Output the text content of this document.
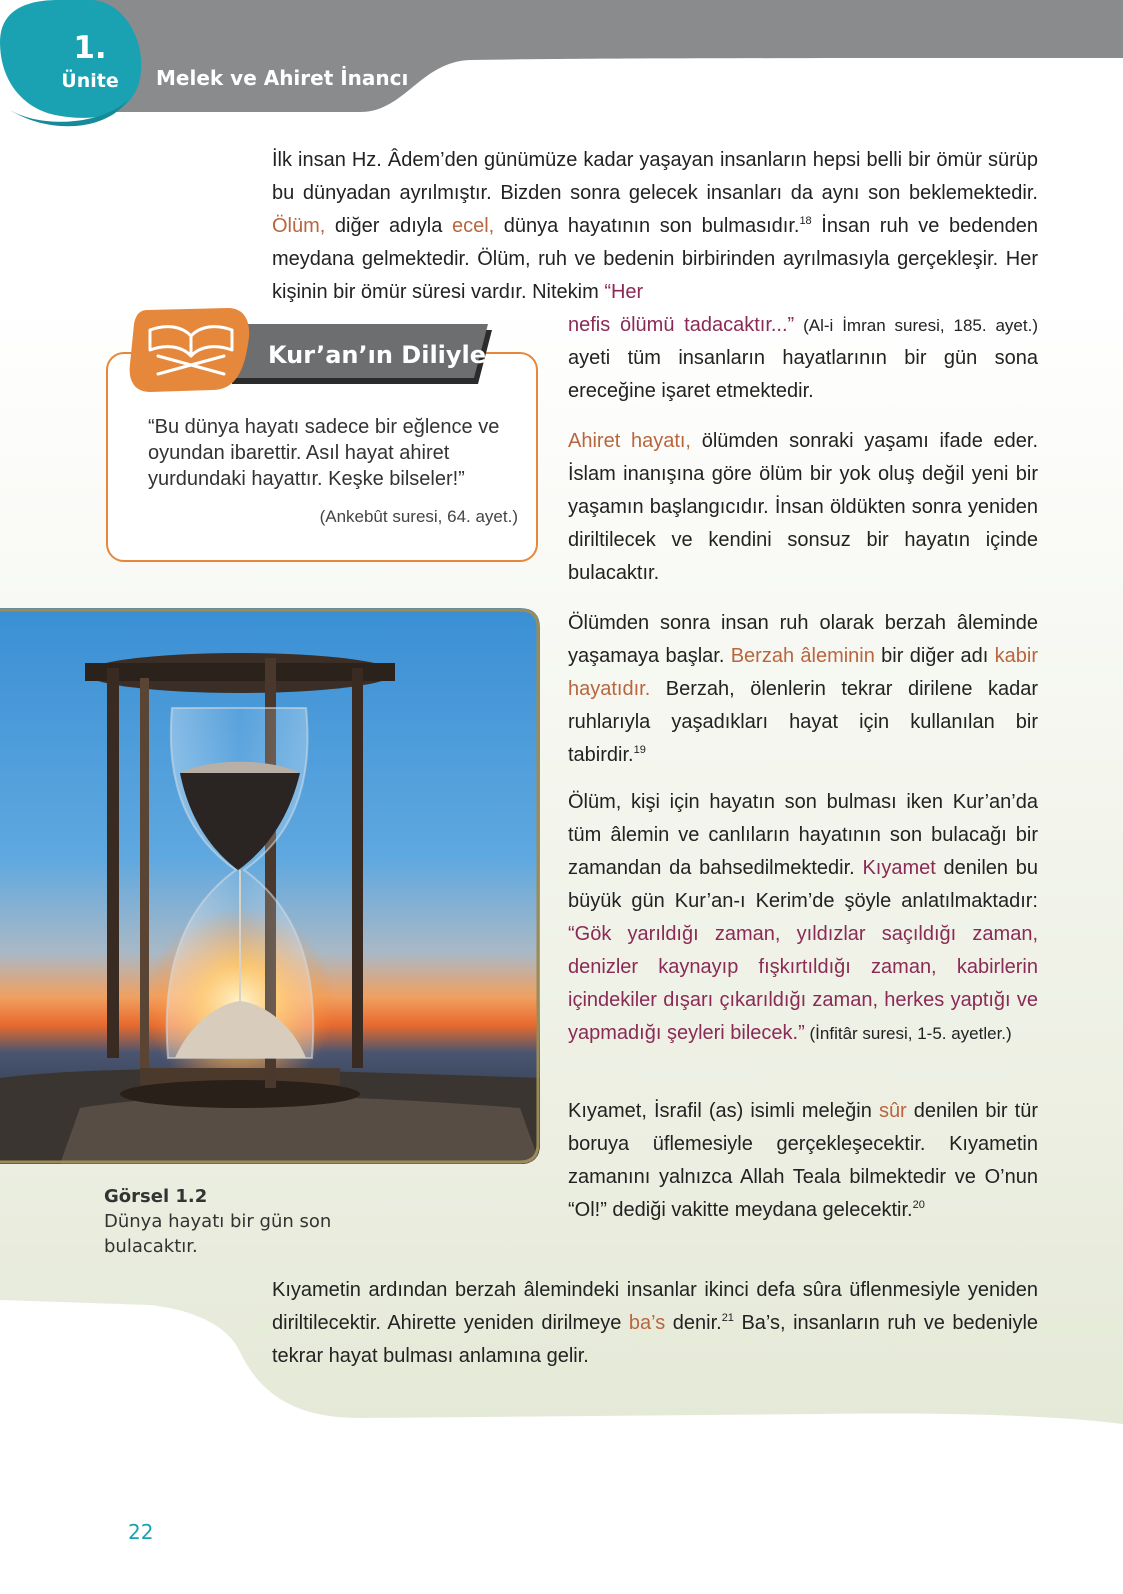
1.
Ünite	Melek ve Ahiret İnancı

İlk insan Hz. Âdem’den günümüze kadar yaşayan insanların hepsi belli bir ömür sürüp bu dünyadan ayrılmıştır. Bizden sonra gelecek insanları da aynı son beklemektedir. Ölüm, diğer adıyla ecel, dünya hayatının son bulmasıdır.$^{18}$ İnsan ruh ve bedenden meydana gelmektedir. Ölüm, ruh ve bedenin birbirinden ayrılmasıyla gerçekleşir. Her kişinin bir ömür süresi vardır. Nitekim “Her

nefis ölümü tadacaktır...” (Al-i İmran suresi, 185. ayet.) ayeti tüm insanların hayatlarının bir gün sona ereceğine işaret etmektedir.

Kur’an’ın Diliyle

“Bu dünya hayatı sadece bir eğlence ve oyundan ibarettir. Asıl hayat ahiret yurdundaki hayattır. Keşke bilseler!”

(Ankebût suresi, 64. ayet.)

Ahiret hayatı, ölümden sonraki yaşamı ifade eder. İslam inanışına göre ölüm bir yok oluş değil yeni bir yaşamın başlangıcıdır. İnsan öldükten sonra yeniden diriltilecek ve kendini sonsuz bir hayatın içinde bulacaktır.

Ölümden sonra insan ruh olarak berzah âleminde yaşamaya başlar. Berzah âleminin bir diğer adı kabir hayatıdır. Berzah, ölenlerin tekrar dirilene kadar ruhlarıyla yaşadıkları hayat için kullanılan bir tabirdir.$^{19}$

Ölüm, kişi için hayatın son bulması iken Kur’an’da tüm âlemin ve canlıların hayatının son bulacağı bir zamandan da bahsedilmektedir. Kıyamet denilen bu büyük gün Kur’an-ı Kerim’de şöyle anlatılmaktadır: “Gök yarıldığı zaman, yıldızlar saçıldığı zaman, denizler kaynayıp fışkırtıldığı zaman, kabirlerin içindekiler dışarı çıkarıldığı zaman, herkes yaptığı ve yapmadığı şeyleri bilecek.” (İnfitâr suresi, 1-5. ayetler.)

Görsel 1.2
Dünya hayatı bir gün son bulacaktır.

Kıyamet, İsrafil (as) isimli meleğin sûr denilen bir tür boruya üflemesiyle gerçekleşecektir. Kıyametin zamanını yalnızca Allah Teala bilmektedir ve O’nun “Ol!” dediği vakitte meydana gelecektir.$^{20}$

Kıyametin ardından berzah âlemindeki insanlar ikinci defa sûra üflenmesiyle yeniden diriltilecektir. Ahirette yeniden dirilmeye ba’s denir.$^{21}$ Ba’s, insanların ruh ve bedeniyle tekrar hayat bulması anlamına gelir.

22
